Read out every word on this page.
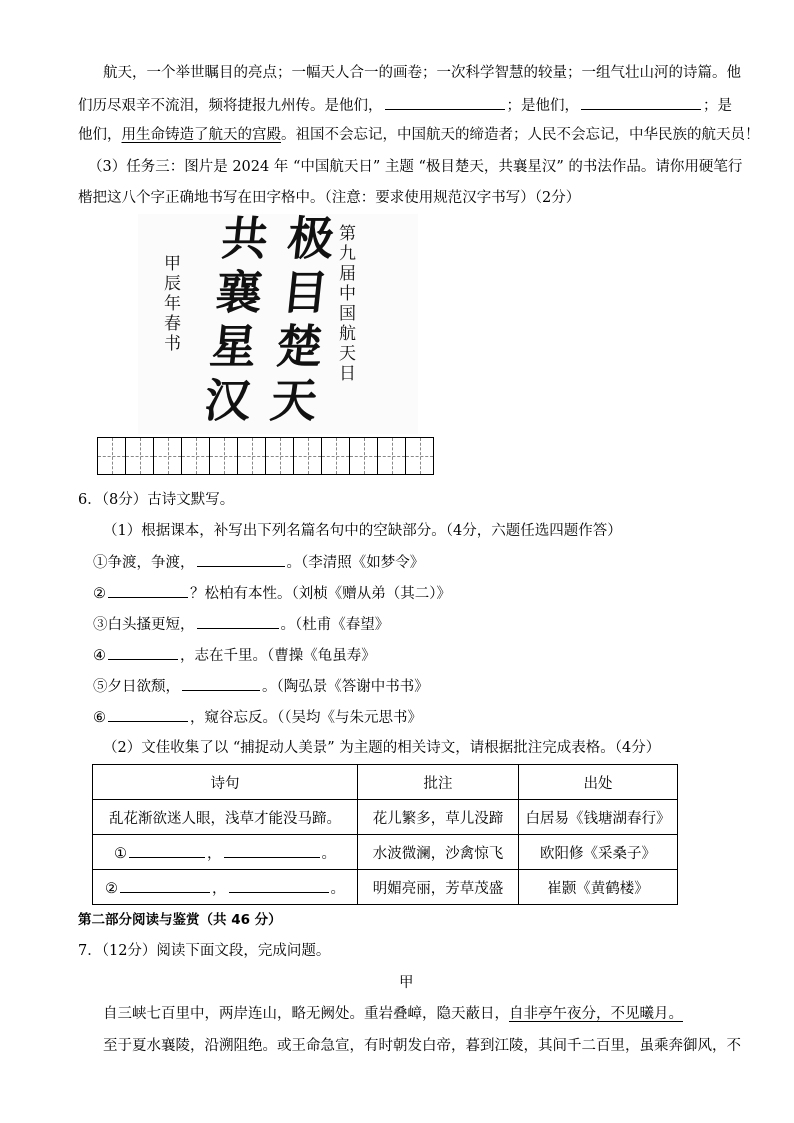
航天，一个举世瞩目的亮点；一幅天人合一的画卷；一次科学智慧的较量；一组气壮山河的诗篇。他
们历尽艰辛不流泪，频将捷报九州传。是他们，	；是他们，	；是
他们，用生命铸造了航天的宫殿。祖国不会忘记，中国航天的缔造者；人民不会忘记，中华民族的航天员！
（3）任务三：图片是 2024 年 “中国航天日” 主题 “极目楚天，共襄星汉” 的书法作品。请你用硬笔行
楷把这八个字正确地书写在田字格中。（注意：要求使用规范汉字书写）（2分）
甲辰年春书 共襄星汉
极目楚天
第九届中国航天日
6．（8分）古诗文默写。
（1）根据课本，补写出下列名篇名句中的空缺部分。（4分，六题任选四题作答）
①争渡，争渡，	。（李清照《如梦令》
②	？松柏有本性。（刘桢《赠从弟（其二）》
③白头搔更短，	。（杜甫《春望》
④	，志在千里。（曹操《龟虽寿》
⑤夕日欲颓，	。（陶弘景《答谢中书书》
⑥	，窥谷忘反。（（吴均《与朱元思书》
（2）文佳收集了以 “捕捉动人美景” 为主题的相关诗文，请根据批注完成表格。（4分）
诗句	批注	出处
乱花渐欲迷人眼，浅草才能没马蹄。	花儿繁多，草儿没蹄	白居易《钱塘湖春行》
① ， 。	水波微澜，沙禽惊飞	欧阳修《采桑子》
② ， 。	明媚亮丽，芳草茂盛	崔颢《黄鹤楼》
第二部分阅读与鉴赏（共 46 分）
7．（12分）阅读下面文段，完成问题。
甲
自三峡七百里中，两岸连山，略无阙处。重岩叠嶂，隐天蔽日，自非亭午夜分，不见曦月。
至于夏水襄陵，沿溯阻绝。或王命急宣，有时朝发白帝，暮到江陵，其间千二百里，虽乘奔御风，不
